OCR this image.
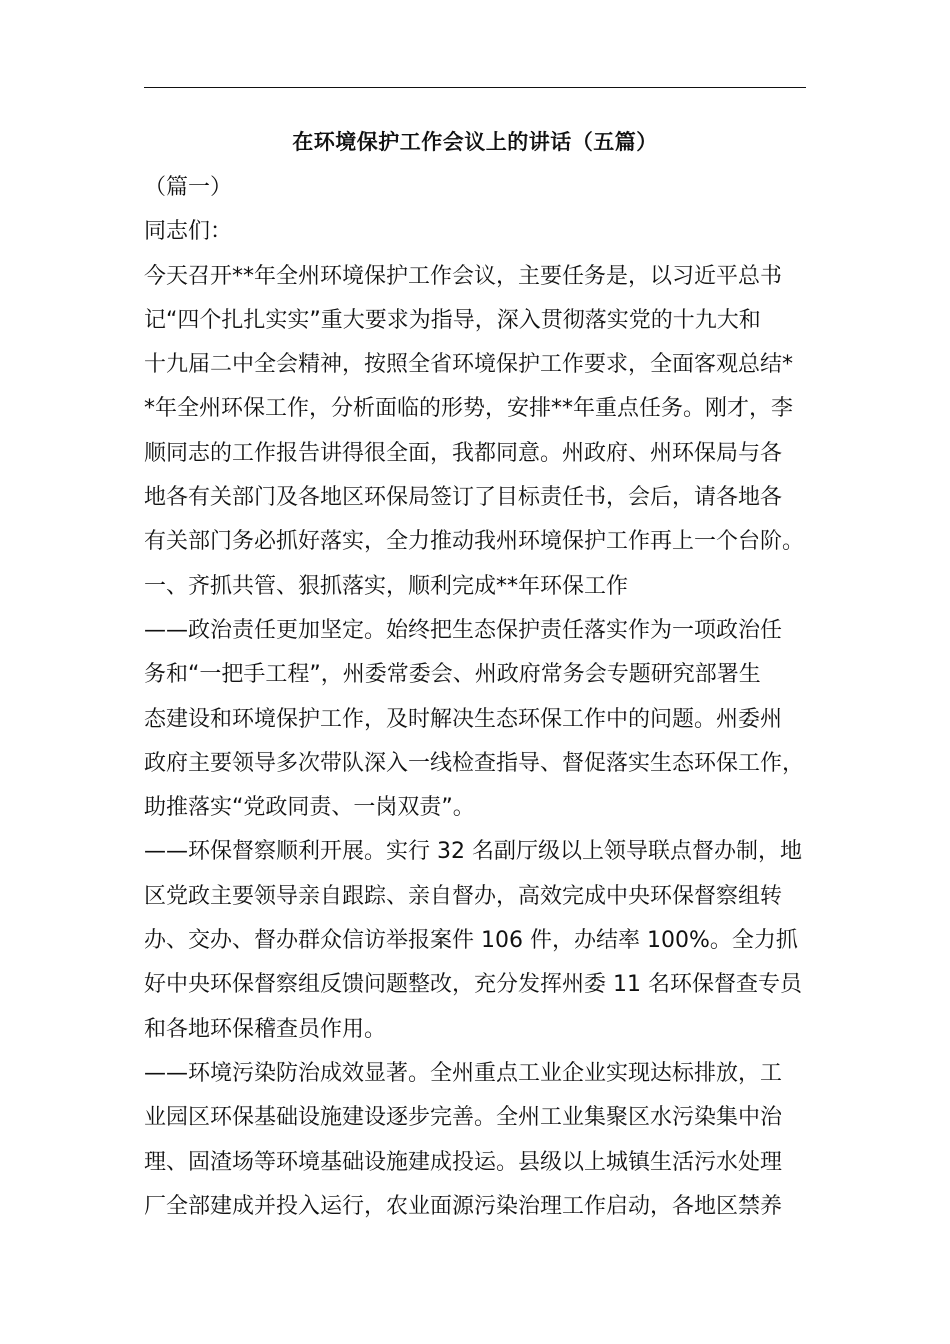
在环境保护工作会议上的讲话（五篇）
（篇一）
同志们：
今天召开**年全州环境保护工作会议，主要任务是，以习近平总书
记“四个扎扎实实”重大要求为指导，深入贯彻落实党的十九大和
十九届二中全会精神，按照全省环境保护工作要求，全面客观总结*
*年全州环保工作，分析面临的形势，安排**年重点任务。刚才，李
顺同志的工作报告讲得很全面，我都同意。州政府、州环保局与各
地各有关部门及各地区环保局签订了目标责任书，会后，请各地各
有关部门务必抓好落实，全力推动我州环境保护工作再上一个台阶。
一、齐抓共管、狠抓落实，顺利完成**年环保工作
——政治责任更加坚定。始终把生态保护责任落实作为一项政治任
务和“一把手工程”，州委常委会、州政府常务会专题研究部署生
态建设和环境保护工作，及时解决生态环保工作中的问题。州委州
政府主要领导多次带队深入一线检查指导、督促落实生态环保工作，
助推落实“党政同责、一岗双责”。
——环保督察顺利开展。实行 32 名副厅级以上领导联点督办制，地
区党政主要领导亲自跟踪、亲自督办，高效完成中央环保督察组转
办、交办、督办群众信访举报案件 106 件，办结率 100%。全力抓
好中央环保督察组反馈问题整改，充分发挥州委 11 名环保督查专员
和各地环保稽查员作用。
——环境污染防治成效显著。全州重点工业企业实现达标排放，工
业园区环保基础设施建设逐步完善。全州工业集聚区水污染集中治
理、固渣场等环境基础设施建成投运。县级以上城镇生活污水处理
厂全部建成并投入运行，农业面源污染治理工作启动，各地区禁养
